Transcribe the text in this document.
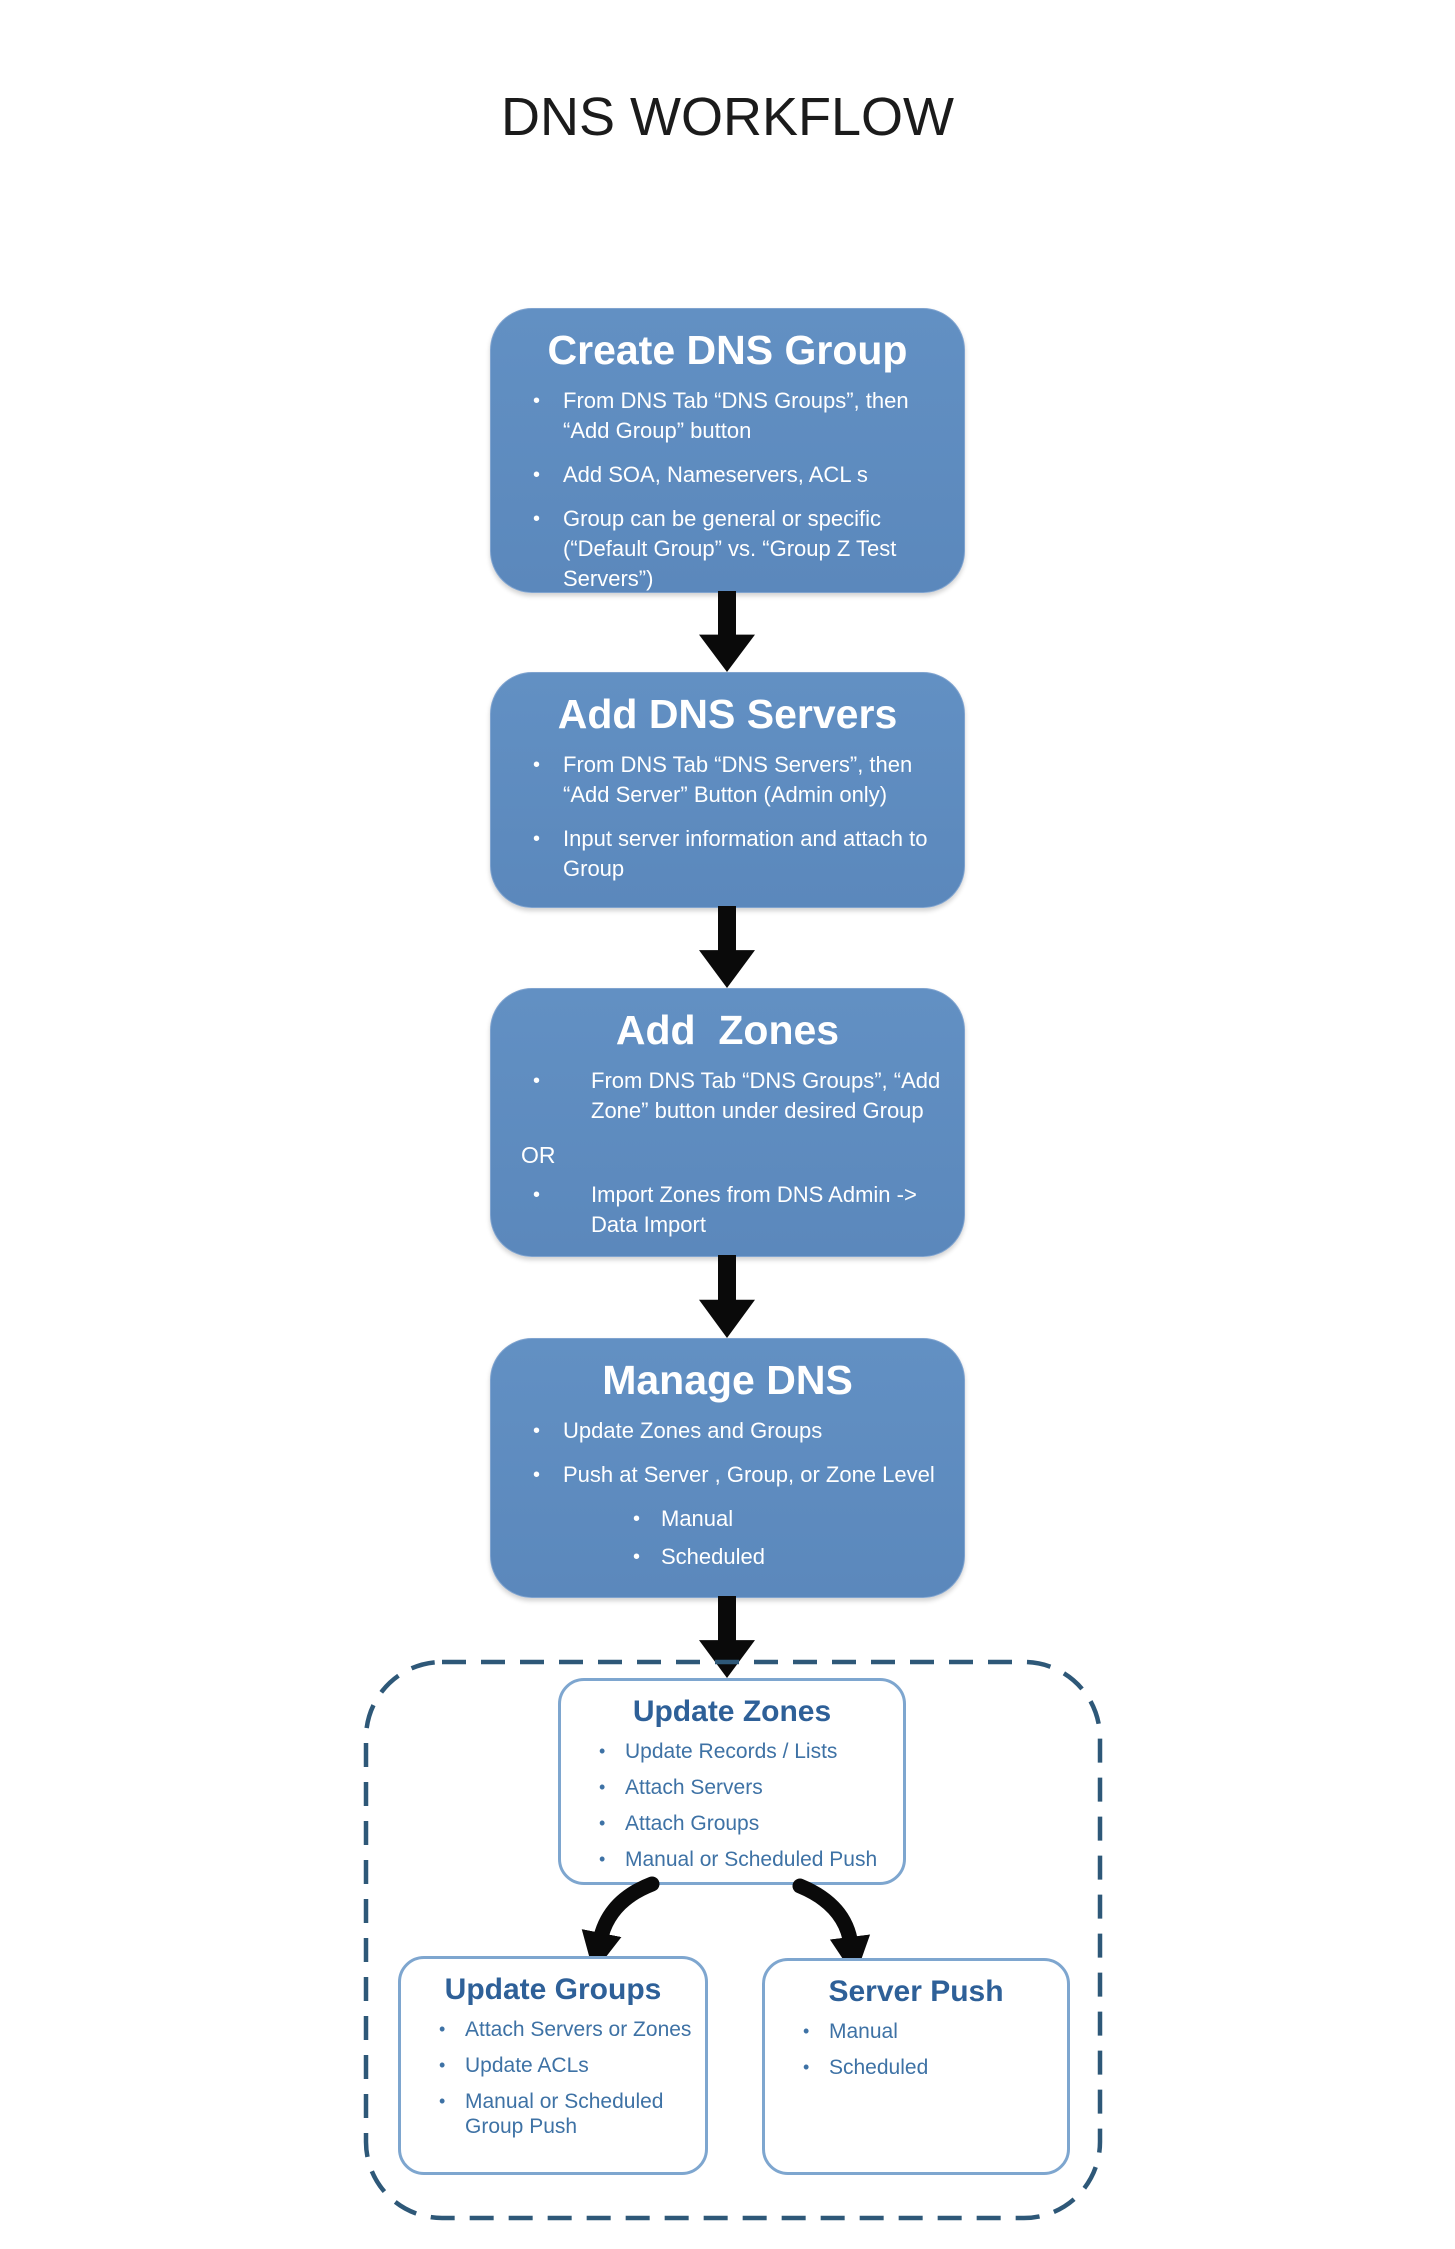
DNS WORKFLOW
Create DNS Group
• From DNS Tab “DNS Groups”, then “Add Group” button
• Add SOA, Nameservers, ACL s
• Group can be general or specific (“Default Group” vs. “Group Z Test Servers”)
Add DNS Servers
• From DNS Tab “DNS Servers”, then “Add Server” Button (Admin only)
• Input server information and attach to Group
Add  Zones
• From DNS Tab “DNS Groups”, “Add Zone” button under desired Group
OR
• Import Zones from DNS Admin -> Data Import
Manage DNS
• Update Zones and Groups
• Push at Server , Group, or Zone Level
• Manual
• Scheduled
Update Zones
• Update Records / Lists
• Attach Servers
• Attach Groups
• Manual or Scheduled Push
Update Groups
• Attach Servers or Zones
• Update ACLs
• Manual or Scheduled Group Push
Server Push
• Manual
• Scheduled
